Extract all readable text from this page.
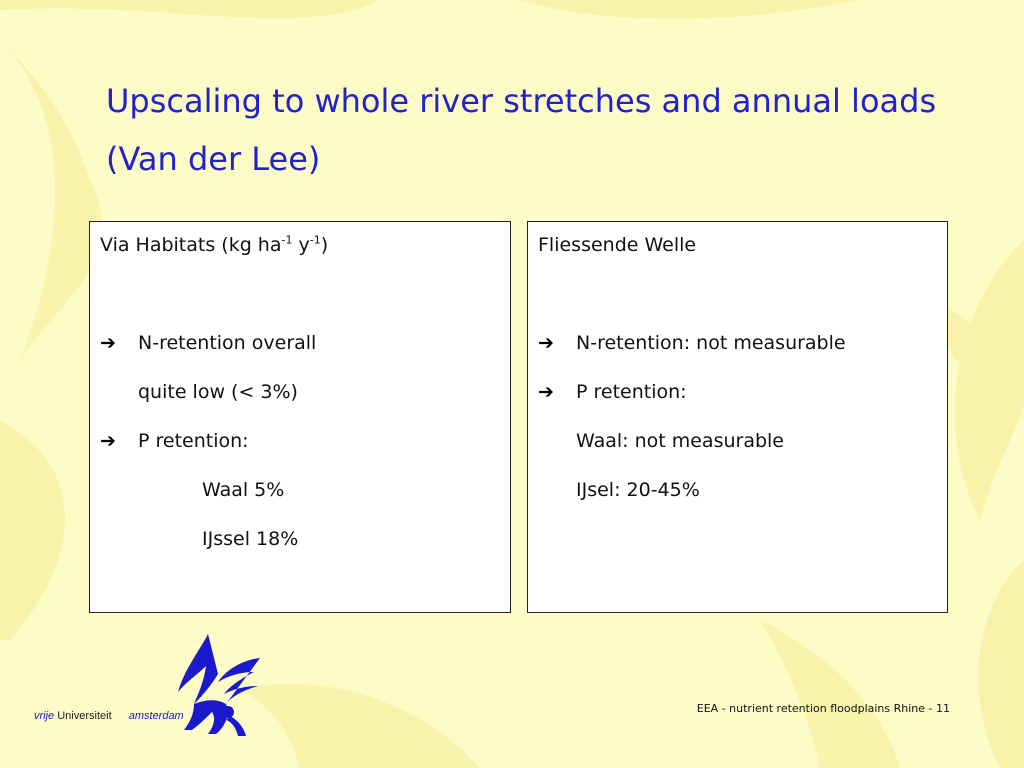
Upscaling to whole river stretches and annual loads
(Van der Lee)
Via Habitats (kg $ha^{-1}$ $y^{-1}$)
➔ N-retention overall
quite low (< 3%)
➔ P retention:
Waal 5%
IJssel 18%
Fliessende Welle
➔ N-retention: not measurable
➔ P retention:
Waal: not measurable
IJsel: 20-45%
vrije Universiteit amsterdam
EEA - nutrient retention floodplains Rhine - 11
